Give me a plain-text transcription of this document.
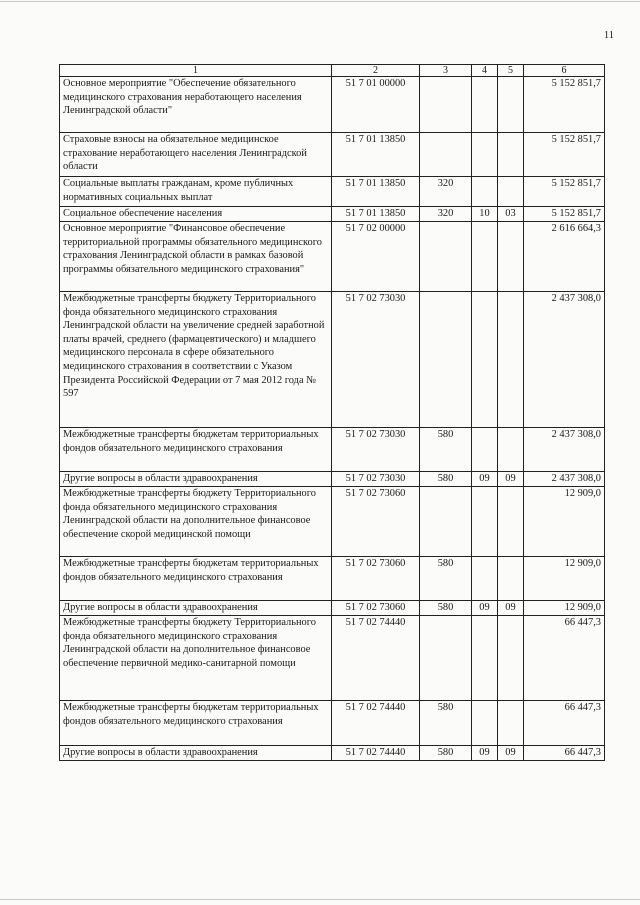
11
1	2	3	4	5	6
Основное мероприятие "Обеспечение обязательного медицинского страхования неработающего населения Ленинградской области"	51 7 01 00000				5 152 851,7
Страховые взносы на обязательное медицинское страхование неработающего населения Ленинградской области	51 7 01 13850				5 152 851,7
Социальные выплаты гражданам, кроме публичных нормативных социальных выплат	51 7 01 13850	320			5 152 851,7
Социальное обеспечение населения	51 7 01 13850	320	10	03	5 152 851,7
Основное мероприятие "Финансовое обеспечение территориальной программы обязательного медицинского страхования Ленинградской области в рамках базовой программы обязательного медицинского страхования"	51 7 02 00000				2 616 664,3
Межбюджетные трансферты бюджету Территориального фонда обязательного медицинского страхования Ленинградской области на увеличение средней заработной платы врачей, среднего (фармацевтического) и младшего медицинского персонала в сфере обязательного медицинского страхования в соответствии с Указом Президента Российской Федерации от 7 мая 2012 года № 597	51 7 02 73030				2 437 308,0
Межбюджетные трансферты бюджетам территориальных фондов обязательного медицинского страхования	51 7 02 73030	580			2 437 308,0
Другие вопросы в области здравоохранения	51 7 02 73030	580	09	09	2 437 308,0
Межбюджетные трансферты бюджету Территориального фонда обязательного медицинского страхования Ленинградской области на дополнительное финансовое обеспечение скорой медицинской помощи	51 7 02 73060				12 909,0
Межбюджетные трансферты бюджетам территориальных фондов обязательного медицинского страхования	51 7 02 73060	580			12 909,0
Другие вопросы в области здравоохранения	51 7 02 73060	580	09	09	12 909,0
Межбюджетные трансферты бюджету Территориального фонда обязательного медицинского страхования Ленинградской области на дополнительное финансовое обеспечение первичной медико-санитарной помощи	51 7 02 74440				66 447,3
Межбюджетные трансферты бюджетам территориальных фондов обязательного медицинского страхования	51 7 02 74440	580			66 447,3
Другие вопросы в области здравоохранения	51 7 02 74440	580	09	09	66 447,3
